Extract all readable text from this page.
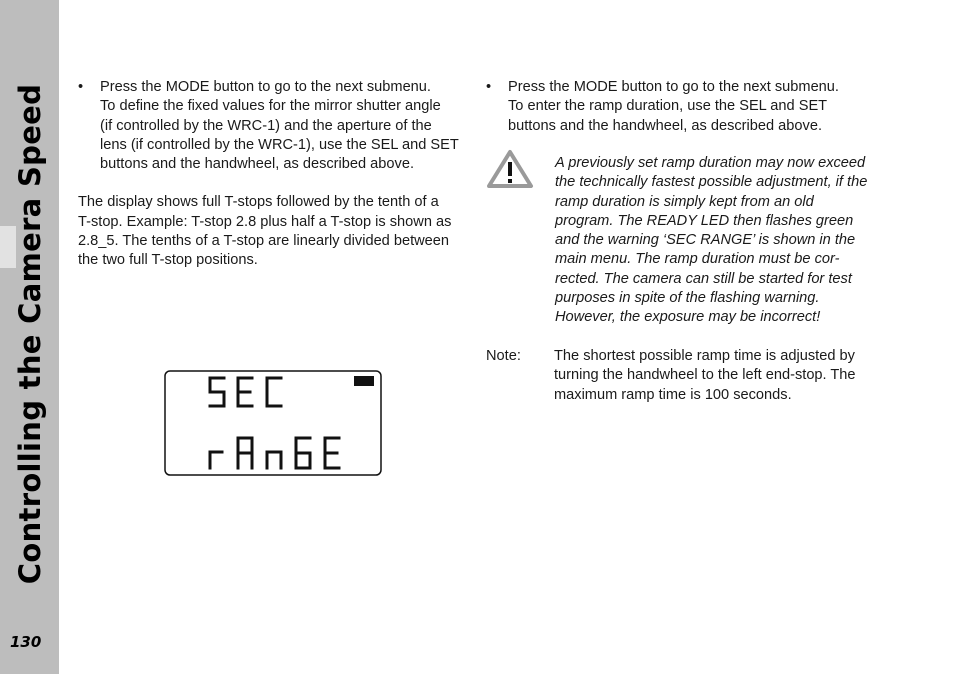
Controlling the Camera Speed
130
• Press the MODE button to go to the next submenu.
To define the fixed values for the mirror shutter angle
(if controlled by the WRC-1) and the aperture of the
lens (if controlled by the WRC-1), use the SEL and SET
buttons and the handwheel, as described above.
The display shows full T-stops followed by the tenth of a
T-stop. Example: T-stop 2.8 plus half a T-stop is shown as
2.8_5. The tenths of a T-stop are linearly divided between
the two full T-stop positions.
• Press the MODE button to go to the next submenu.
To enter the ramp duration, use the SEL and SET
buttons and the handwheel, as described above.
A previously set ramp duration may now exceed
the technically fastest possible adjustment, if the
ramp duration is simply kept from an old
program. The READY LED then flashes green
and the warning ‘SEC RANGE’ is shown in the
main menu. The ramp duration must be cor-
rected. The camera can still be started for test
purposes in spite of the flashing warning.
However, the exposure may be incorrect!
Note: The shortest possible ramp time is adjusted by
turning the handwheel to the left end-stop. The
maximum ramp time is 100 seconds.
